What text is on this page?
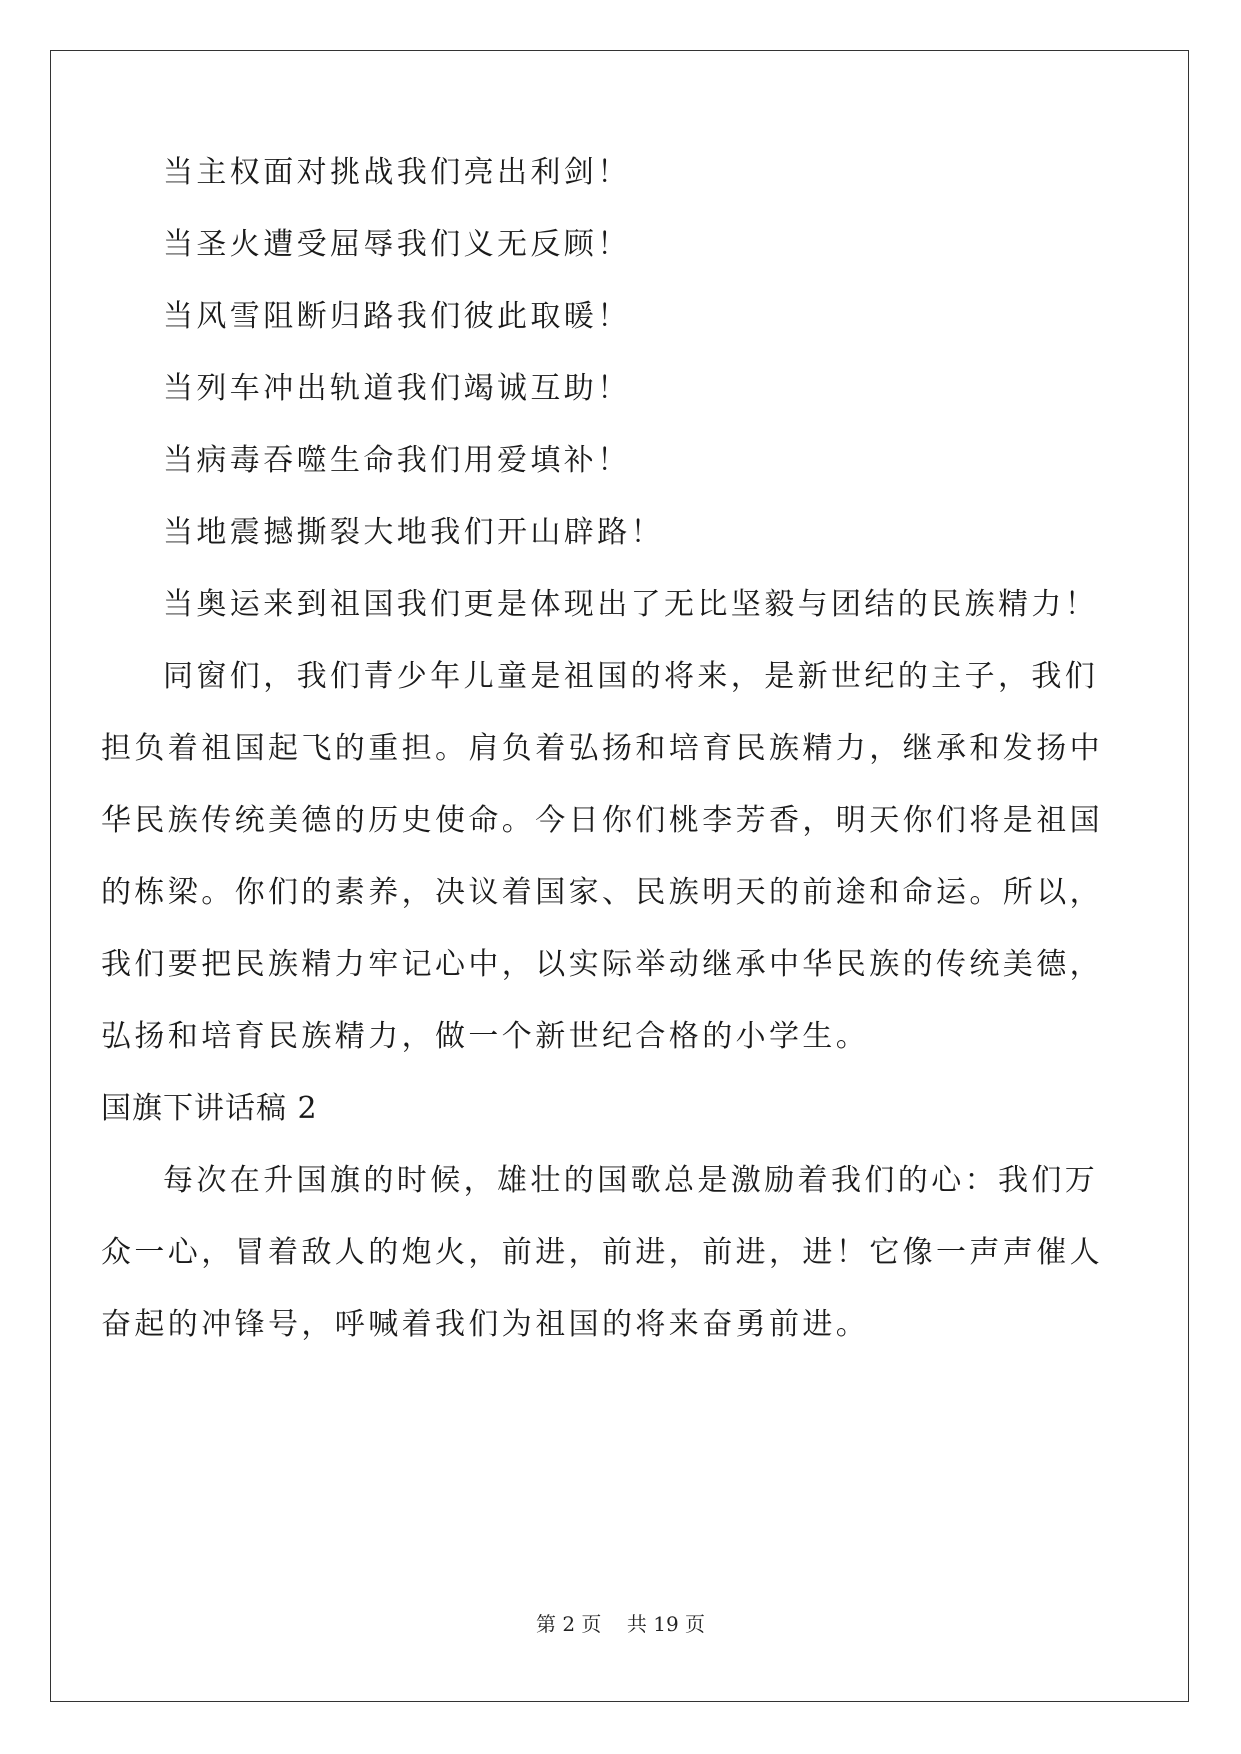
当主权面对挑战我们亮出利剑！
当圣火遭受屈辱我们义无反顾！
当风雪阻断归路我们彼此取暖！
当列车冲出轨道我们竭诚互助！
当病毒吞噬生命我们用爱填补！
当地震撼撕裂大地我们开山辟路！
当奥运来到祖国我们更是体现出了无比坚毅与团结的民族精力！
同窗们，我们青少年儿童是祖国的将来，是新世纪的主子，我们
担负着祖国起飞的重担。肩负着弘扬和培育民族精力，继承和发扬中
华民族传统美德的历史使命。今日你们桃李芳香，明天你们将是祖国
的栋梁。你们的素养，决议着国家、民族明天的前途和命运。所以，
我们要把民族精力牢记心中，以实际举动继承中华民族的传统美德，
弘扬和培育民族精力，做一个新世纪合格的小学生。
国旗下讲话稿 2
每次在升国旗的时候，雄壮的国歌总是激励着我们的心：我们万
众一心，冒着敌人的炮火，前进，前进，前进，进！它像一声声催人
奋起的冲锋号，呼喊着我们为祖国的将来奋勇前进。
第 2 页 共 19 页
